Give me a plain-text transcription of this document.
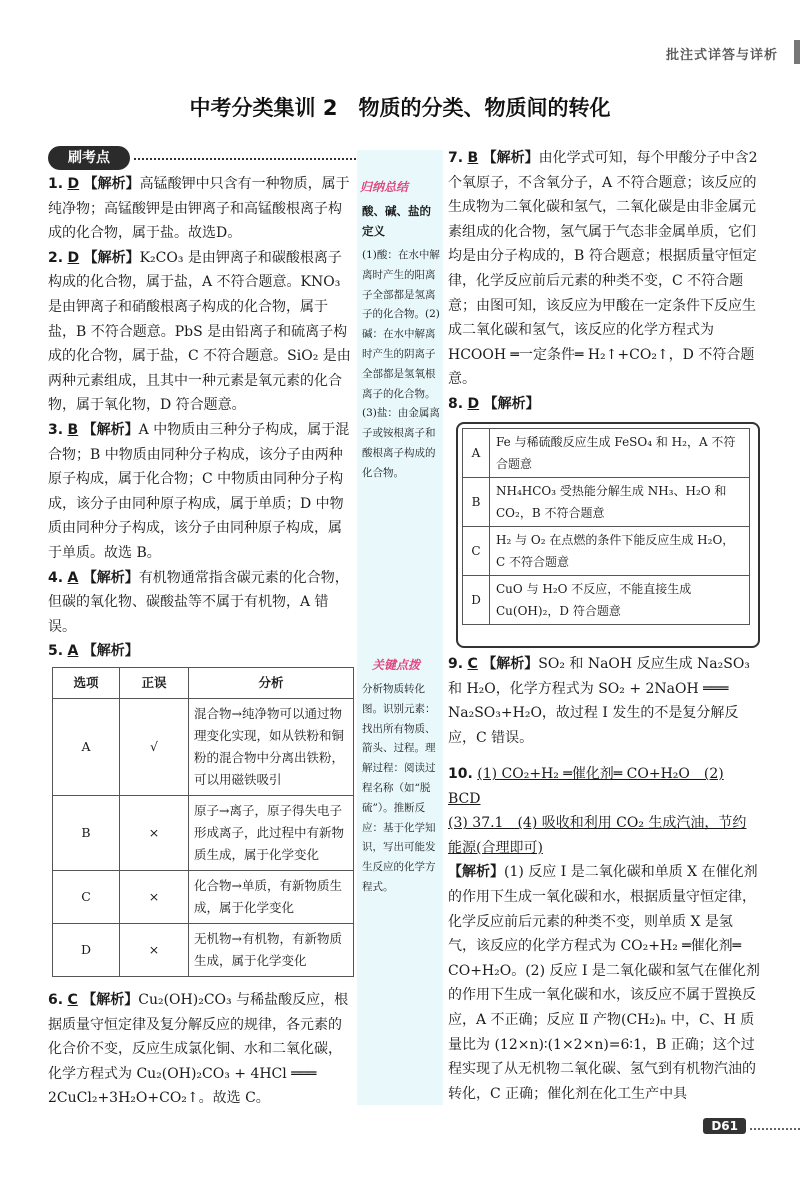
批注式详答与详析
中考分类集训 2　物质的分类、物质间的转化
刷考点

1. D 【解析】高锰酸钾中只含有一种物质，属于纯净物；高锰酸钾是由钾离子和高锰酸根离子构成的化合物，属于盐。故选D。

2. D 【解析】K₂CO₃ 是由钾离子和碳酸根离子构成的化合物，属于盐，A 不符合题意。KNO₃ 是由钾离子和硝酸根离子构成的化合物，属于盐，B 不符合题意。PbS 是由铅离子和硫离子构成的化合物，属于盐，C 不符合题意。SiO₂ 是由两种元素组成，且其中一种元素是氧元素的化合物，属于氧化物，D 符合题意。

3. B 【解析】A 中物质由三种分子构成，属于混合物；B 中物质由同种分子构成，该分子由两种原子构成，属于化合物；C 中物质由同种分子构成，该分子由同种原子构成，属于单质；D 中物质由同种分子构成，该分子由同种原子构成，属于单质。故选 B。

4. A 【解析】有机物通常指含碳元素的化合物，但碳的氧化物、碳酸盐等不属于有机物，A 错误。

5. A 【解析】

选项	正误	分析
A	√	混合物→纯净物可以通过物理变化实现，如从铁粉和铜粉的混合物中分离出铁粉，可以用磁铁吸引
B	×	原子→离子，原子得失电子形成离子，此过程中有新物质生成，属于化学变化
C	×	化合物→单质，有新物质生成，属于化学变化
D	×	无机物→有机物，有新物质生成，属于化学变化

6. C 【解析】Cu₂(OH)₂CO₃ 与稀盐酸反应，根据质量守恒定律及复分解反应的规律，各元素的化合价不变，反应生成氯化铜、水和二氧化碳，化学方程式为 Cu₂(OH)₂CO₃ + 4HCl ═══ 2CuCl₂+3H₂O+CO₂↑。故选 C。

归纳总结
酸、碱、盐的定义
(1)酸：在水中解离时产生的阳离子全部都是氢离子的化合物。(2)碱：在水中解离时产生的阴离子全部都是氢氧根离子的化合物。(3)盐：由金属离子或铵根离子和酸根离子构成的化合物。
关键点拨
分析物质转化图。识别元素：找出所有物质、箭头、过程。理解过程：阅读过程名称（如“脱硫”）。推断反应：基于化学知识，写出可能发生反应的化学方程式。

7. B 【解析】由化学式可知，每个甲酸分子中含2个氧原子，不含氧分子，A 不符合题意；该反应的生成物为二氧化碳和氢气，二氧化碳是由非金属元素组成的化合物，氢气属于气态非金属单质，它们均是由分子构成的，B 符合题意；根据质量守恒定律，化学反应前后元素的种类不变，C 不符合题意；由图可知，该反应为甲酸在一定条件下反应生成二氧化碳和氢气，该反应的化学方程式为 HCOOH ═一定条件═ H₂↑+CO₂↑，D 不符合题意。

8. D 【解析】

A	Fe 与稀硫酸反应生成 FeSO₄ 和 H₂，A 不符合题意
B	NH₄HCO₃ 受热能分解生成 NH₃、H₂O 和 CO₂，B 不符合题意
C	H₂ 与 O₂ 在点燃的条件下能反应生成 H₂O，C 不符合题意
D	CuO 与 H₂O 不反应，不能直接生成 Cu(OH)₂，D 符合题意

9. C 【解析】SO₂ 和 NaOH 反应生成 Na₂SO₃ 和 H₂O，化学方程式为 SO₂ + 2NaOH ═══ Na₂SO₃+H₂O，故过程 Ⅰ 发生的不是复分解反应，C 错误。

10. (1) CO₂+H₂ ═催化剂═ CO+H₂O　(2) BCD

(3) 37.1　(4) 吸收和利用 CO₂ 生成汽油，节约能源(合理即可)

【解析】(1) 反应 Ⅰ 是二氧化碳和单质 X 在催化剂的作用下生成一氧化碳和水，根据质量守恒定律，化学反应前后元素的种类不变，则单质 X 是氢气，该反应的化学方程式为 CO₂+H₂ ═催化剂═ CO+H₂O。(2) 反应 Ⅰ 是二氧化碳和氢气在催化剂的作用下生成一氧化碳和水，该反应不属于置换反应，A 不正确；反应 Ⅱ 产物(CH₂)ₙ 中，C、H 质量比为 (12×n)∶(1×2×n)=6∶1，B 正确；这个过程实现了从无机物二氧化碳、氢气到有机物汽油的转化，C 正确；催化剂在化工生产中具

D61
